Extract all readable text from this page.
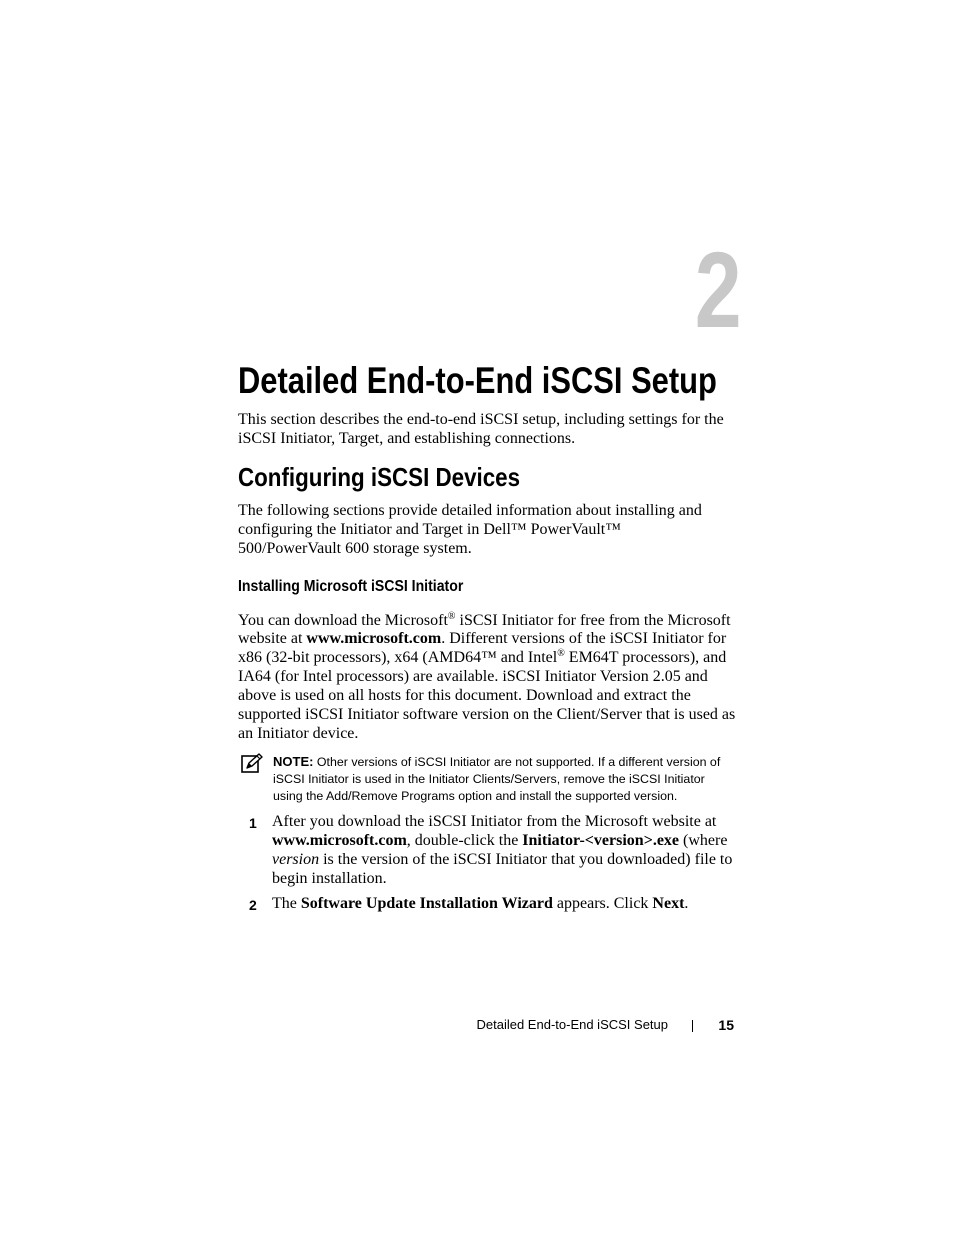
2
Detailed End-to-End iSCSI Setup

This section describes the end-to-end iSCSI setup, including settings for the iSCSI Initiator, Target, and establishing connections.

Configuring iSCSI Devices

The following sections provide detailed information about installing and configuring the Initiator and Target in Dell™ PowerVault™ 500/PowerVault 600 storage system.

Installing Microsoft iSCSI Initiator

You can download the Microsoft® iSCSI Initiator for free from the Microsoft website at www.microsoft.com. Different versions of the iSCSI Initiator for x86 (32-bit processors), x64 (AMD64™ and Intel® EM64T processors), and IA64 (for Intel processors) are available. iSCSI Initiator Version 2.05 and above is used on all hosts for this document. Download and extract the supported iSCSI Initiator software version on the Client/Server that is used as an Initiator device.

NOTE: Other versions of iSCSI Initiator are not supported. If a different version of iSCSI Initiator is used in the Initiator Clients/Servers, remove the iSCSI Initiator using the Add/Remove Programs option and install the supported version.

1 After you download the iSCSI Initiator from the Microsoft website at www.microsoft.com, double-click the Initiator-<version>.exe (where version is the version of the iSCSI Initiator that you downloaded) file to begin installation.

2 The Software Update Installation Wizard appears. Click Next.

Detailed End-to-End iSCSI Setup	15
